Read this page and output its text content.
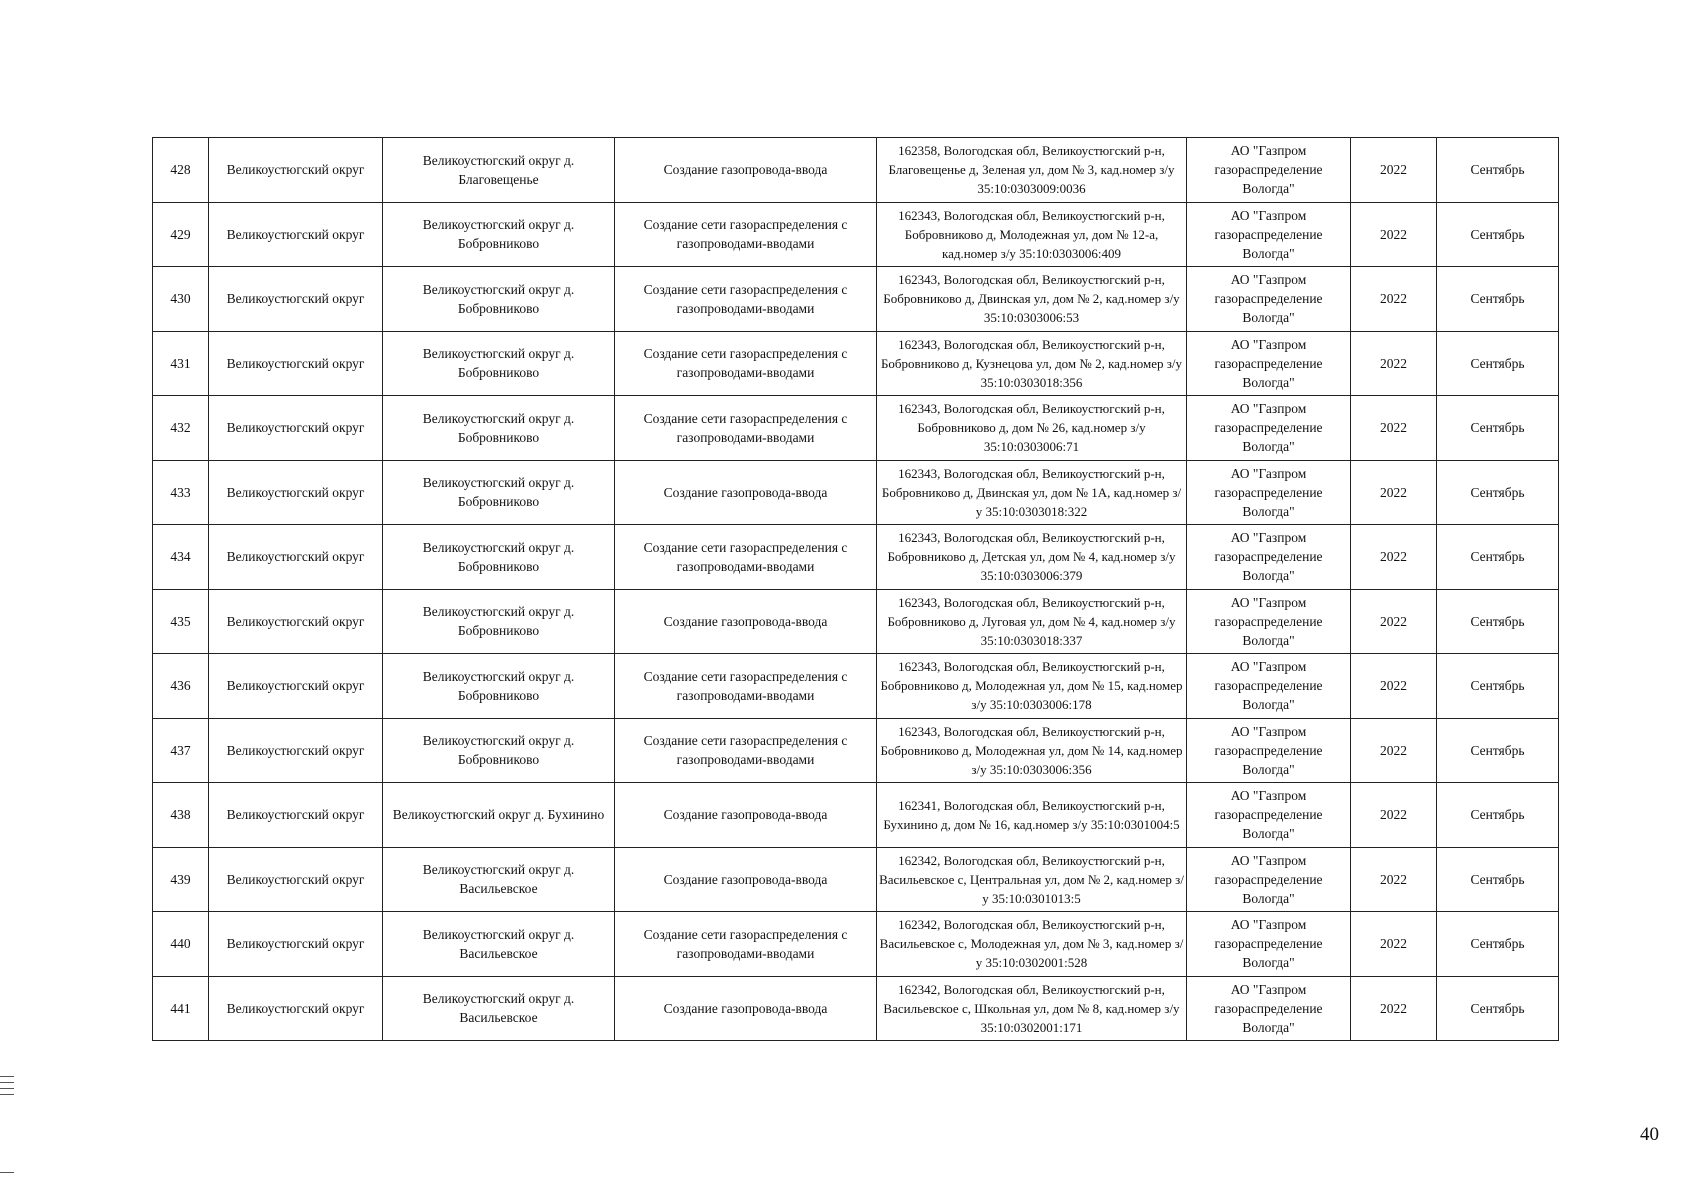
428	Великоустюгский округ	Великоустюгский округ д. Благовещенье	Создание газопровода-ввода	162358, Вологодская обл, Великоустюгский р-н, Благовещенье д, Зеленая ул, дом № 3, кад.номер з/у 35:10:0303009:0036	АО "Газпром газораспределение Вологда"	2022	Сентябрь
429	Великоустюгский округ	Великоустюгский округ д. Бобровниково	Создание сети газораспределения с газопроводами-вводами	162343, Вологодская обл, Великоустюгский р-н, Бобровниково д, Молодежная ул, дом № 12-а, кад.номер з/у 35:10:0303006:409	АО "Газпром газораспределение Вологда"	2022	Сентябрь
430	Великоустюгский округ	Великоустюгский округ д. Бобровниково	Создание сети газораспределения с газопроводами-вводами	162343, Вологодская обл, Великоустюгский р-н, Бобровниково д, Двинская ул, дом № 2, кад.номер з/у 35:10:0303006:53	АО "Газпром газораспределение Вологда"	2022	Сентябрь
431	Великоустюгский округ	Великоустюгский округ д. Бобровниково	Создание сети газораспределения с газопроводами-вводами	162343, Вологодская обл, Великоустюгский р-н, Бобровниково д, Кузнецова ул, дом № 2, кад.номер з/у 35:10:0303018:356	АО "Газпром газораспределение Вологда"	2022	Сентябрь
432	Великоустюгский округ	Великоустюгский округ д. Бобровниково	Создание сети газораспределения с газопроводами-вводами	162343, Вологодская обл, Великоустюгский р-н, Бобровниково д, дом № 26, кад.номер з/у 35:10:0303006:71	АО "Газпром газораспределение Вологда"	2022	Сентябрь
433	Великоустюгский округ	Великоустюгский округ д. Бобровниково	Создание газопровода-ввода	162343, Вологодская обл, Великоустюгский р-н, Бобровниково д, Двинская ул, дом № 1А, кад.номер з/у 35:10:0303018:322	АО "Газпром газораспределение Вологда"	2022	Сентябрь
434	Великоустюгский округ	Великоустюгский округ д. Бобровниково	Создание сети газораспределения с газопроводами-вводами	162343, Вологодская обл, Великоустюгский р-н, Бобровниково д, Детская ул, дом № 4, кад.номер з/у 35:10:0303006:379	АО "Газпром газораспределение Вологда"	2022	Сентябрь
435	Великоустюгский округ	Великоустюгский округ д. Бобровниково	Создание газопровода-ввода	162343, Вологодская обл, Великоустюгский р-н, Бобровниково д, Луговая ул, дом № 4, кад.номер з/у 35:10:0303018:337	АО "Газпром газораспределение Вологда"	2022	Сентябрь
436	Великоустюгский округ	Великоустюгский округ д. Бобровниково	Создание сети газораспределения с газопроводами-вводами	162343, Вологодская обл, Великоустюгский р-н, Бобровниково д, Молодежная ул, дом № 15, кад.номер з/у 35:10:0303006:178	АО "Газпром газораспределение Вологда"	2022	Сентябрь
437	Великоустюгский округ	Великоустюгский округ д. Бобровниково	Создание сети газораспределения с газопроводами-вводами	162343, Вологодская обл, Великоустюгский р-н, Бобровниково д, Молодежная ул, дом № 14, кад.номер з/у 35:10:0303006:356	АО "Газпром газораспределение Вологда"	2022	Сентябрь
438	Великоустюгский округ	Великоустюгский округ д. Бухинино	Создание газопровода-ввода	162341, Вологодская обл, Великоустюгский р-н, Бухинино д, дом № 16, кад.номер з/у 35:10:0301004:5	АО "Газпром газораспределение Вологда"	2022	Сентябрь
439	Великоустюгский округ	Великоустюгский округ д. Васильевское	Создание газопровода-ввода	162342, Вологодская обл, Великоустюгский р-н, Васильевское с, Центральная ул, дом № 2, кад.номер з/у 35:10:0301013:5	АО "Газпром газораспределение Вологда"	2022	Сентябрь
440	Великоустюгский округ	Великоустюгский округ д. Васильевское	Создание сети газораспределения с газопроводами-вводами	162342, Вологодская обл, Великоустюгский р-н, Васильевское с, Молодежная ул, дом № 3, кад.номер з/у 35:10:0302001:528	АО "Газпром газораспределение Вологда"	2022	Сентябрь
441	Великоустюгский округ	Великоустюгский округ д. Васильевское	Создание газопровода-ввода	162342, Вологодская обл, Великоустюгский р-н, Васильевское с, Школьная ул, дом № 8, кад.номер з/у 35:10:0302001:171	АО "Газпром газораспределение Вологда"	2022	Сентябрь
40
